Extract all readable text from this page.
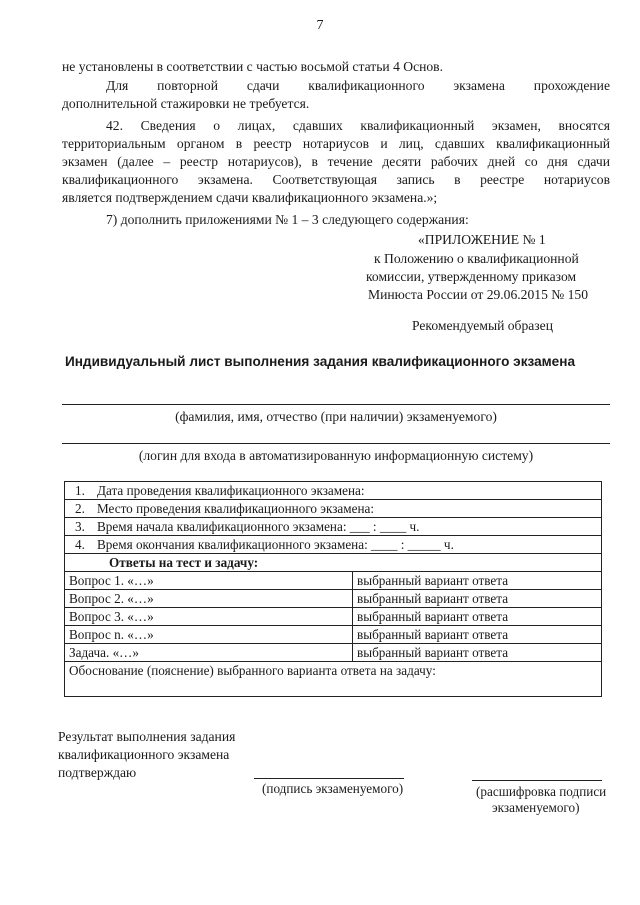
7
не установлены в соответствии с частью восьмой статьи 4 Основ.
Для повторной сдачи квалификационного экзамена прохождение
дополнительной стажировки не требуется.
42. Сведения о лицах, сдавших квалификационный экзамен, вносятся
территориальным органом в реестр нотариусов и лиц, сдавших квалификационный
экзамен (далее – реестр нотариусов), в течение десяти рабочих дней со дня сдачи
квалификационного экзамена. Соответствующая запись в реестре нотариусов
является подтверждением сдачи квалификационного экзамена.»;
7) дополнить приложениями № 1 – 3 следующего содержания:
«ПРИЛОЖЕНИЕ № 1
к Положению о квалификационной
комиссии, утвержденному приказом
Минюста России от 29.06.2015 № 150
Рекомендуемый образец
Индивидуальный лист выполнения задания квалификационного экзамена
(фамилия, имя, отчество (при наличии) экзаменуемого)
(логин для входа в автоматизированную информационную систему)
1. Дата проведения квалификационного экзамена:	
2. Место проведения квалификационного экзамена:	
3. Время начала квалификационного экзамена: ___ : ____ ч.	
4. Время окончания квалификационного экзамена: ____ : _____ ч.	
Ответы на тест и задачу:	
Вопрос 1. «…»	выбранный вариант ответа
Вопрос 2. «…»	выбранный вариант ответа
Вопрос 3. «…»	выбранный вариант ответа
Вопрос n. «…»	выбранный вариант ответа
Задача. «…»	выбранный вариант ответа
Обоснование (пояснение) выбранного варианта ответа на задачу:	
Результат выполнения задания
квалификационного экзамена
подтверждаю
(подпись экзаменуемого)	(расшифровка подписи
экзаменуемого)
